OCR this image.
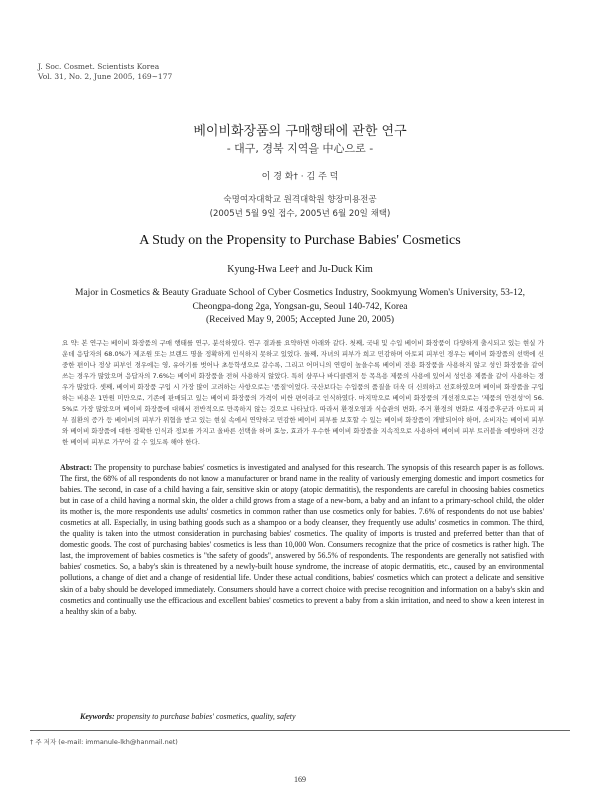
J. Soc. Cosmet. Scientists Korea
Vol. 31, No. 2, June 2005, 169~177
베이비화장품의 구매행태에 관한 연구
- 대구, 경북 지역을 中心으로 -
이 경 화† · 김 주 덕
숙명여자대학교 원격대학원 향장미용전공
(2005년 5월 9일 접수, 2005년 6월 20일 채택)
A Study on the Propensity to Purchase Babies' Cosmetics
Kyung-Hwa Lee† and Ju-Duck Kim
Major in Cosmetics & Beauty Graduate School of Cyber Cosmetics Industry, Sookmyung Women's University, 53-12,
Cheongpa-dong 2ga, Yongsan-gu, Seoul 140-742, Korea
(Received May 9, 2005; Accepted June 20, 2005)
요 약: 본 연구는 베이비 화장품의 구매 행태를 연구, 분석하였다. 연구 결과를 요약하면 아래와 같다. 첫째, 국내 및 수입 베이비 화장품이 다양하게 출시되고 있는 현실 가운데 응답자의 68.0%가 제조원 또는 브랜드 명을 정확하게 인식하지 못하고 있었다. 둘째, 자녀의 피부가 희고 민감하며 아토피 피부인 경우는 베이비 화장품의 선택에 신중한 편이나 정상 피부인 경우에는 영, 유아기를 벗어나 초등학생으로 갈수록, 그리고 어머니의 연령이 높을수록 베이비 전용 화장품을 사용하지 않고 성인 화장품을 같이 쓰는 경우가 많았으며 응답자의 7.6%는 베이비 화장품을 전혀 사용하지 않았다. 특히 샴푸나 바디클렌저 등 목욕용 제품의 사용에 있어서 성인용 제품을 같이 사용하는 경우가 많았다. 셋째, 베이비 화장품 구입 시 가장 많이 고려하는 사항으로는 '품질'이었다. 국산보다는 수입품의 품질을 더욱 더 신뢰하고 선호하였으며 베이비 화장품을 구입하는 비용은 1만원 미만으로, 기존에 판매되고 있는 베이비 화장품의 가격이 비싼 편이라고 인식하였다. 마지막으로 베이비 화장품의 개선점으로는 '제품의 안전성'이 56.5%로 가장 많았으며 베이비 화장품에 대해서 전반적으로 만족하지 않는 것으로 나타났다. 따라서 환경오염과 식습관의 변화, 주거 환경의 변화로 새집증후군과 아토피 피부 질환의 증가 등 베이비의 피부가 위협을 받고 있는 현실 속에서 연약하고 민감한 베이비 피부를 보호할 수 있는 베이비 화장품이 개발되어야 하며, 소비자는 베이비 피부와 베이비 화장품에 대한 정확한 인식과 정보를 가지고 올바른 선택을 하며 효능, 효과가 우수한 베이비 화장품을 지속적으로 사용하여 베이비 피부 트러블을 예방하며 건강한 베이비 피부로 가꾸어 갈 수 있도록 해야 한다.
Abstract: The propensity to purchase babies' cosmetics is investigated and analysed for this research. The synopsis of this research paper is as follows. The first, the 68% of all respondents do not know a manufacturer or brand name in the reality of variously emerging domestic and import cosmetics for babies. The second, in case of a child having a fair, sensitive skin or atopy (atopic dermatitis), the respondents are careful in choosing babies cosmetics but in case of a child having a normal skin, the older a child grows from a stage of a new-born, a baby and an infant to a primary-school child, the older its mother is, the more respondents use adults' cosmetics in common rather than use cosmetics only for babies. 7.6% of respondents do not use babies' cosmetics at all. Especially, in using bathing goods such as a shampoo or a body cleanser, they frequently use adults' cosmetics in common. The third, the quality is taken into the utmost consideration in purchasing babies' cosmetics. The quality of imports is trusted and preferred better than that of domestic goods. The cost of purchasing babies' cosmetics is less than 10,000 Won. Consumers recognize that the price of cosmetics is rather high. The last, the improvement of babies cosmetics is "the safety of goods", answered by 56.5% of respondents. The respondents are generally not satisfied with babies' cosmetics. So, a baby's skin is threatened by a newly-built house syndrome, the increase of atopic dermatitis, etc., caused by an environmental pollutions, a change of diet and a change of residential life. Under these actual conditions, babies' cosmetics which can protect a delicate and sensitive skin of a baby should be developed immediately. Consumers should have a correct choice with precise recognition and information on a baby's skin and cosmetics and continually use the efficacious and excellent babies' cosmetics to prevent a baby from a skin irritation, and need to show a keen interest in a healthy skin of a baby.
Keywords: propensity to purchase babies' cosmetics, quality, safety
† 주 저자 (e-mail: immanule-lkh@hanmail.net)
169
